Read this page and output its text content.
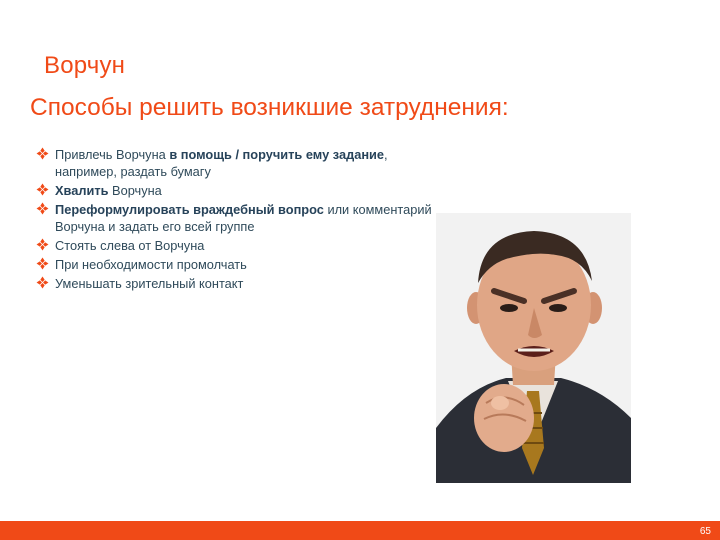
Ворчун
Способы решить возникшие затруднения:
Привлечь Ворчуна в помощь / поручить ему задание, например, раздать бумагу
Хвалить Ворчуна
Переформулировать враждебный вопрос или комментарий Ворчуна и задать его всей группе
Стоять слева от Ворчуна
При необходимости промолчать
Уменьшать зрительный контакт
65
